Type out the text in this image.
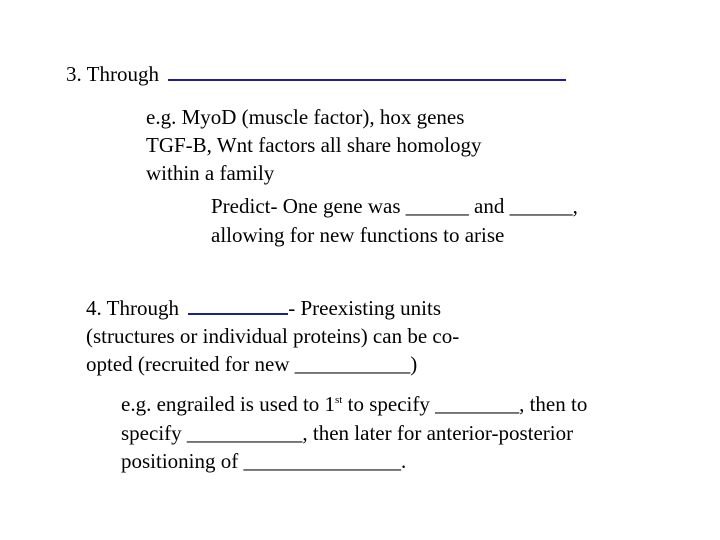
3. Through
e.g. MyoD (muscle factor), hox genes
TGF-B, Wnt factors all share homology
within a family
Predict- One gene was ______ and ______,
allowing for new functions to arise
4. Through	- Preexisting units
(structures or individual proteins) can be co-
opted (recruited for new ___________)
e.g. engrailed is used to 1st to specify ________, then to
specify ___________, then later for anterior-posterior
positioning of _______________.
